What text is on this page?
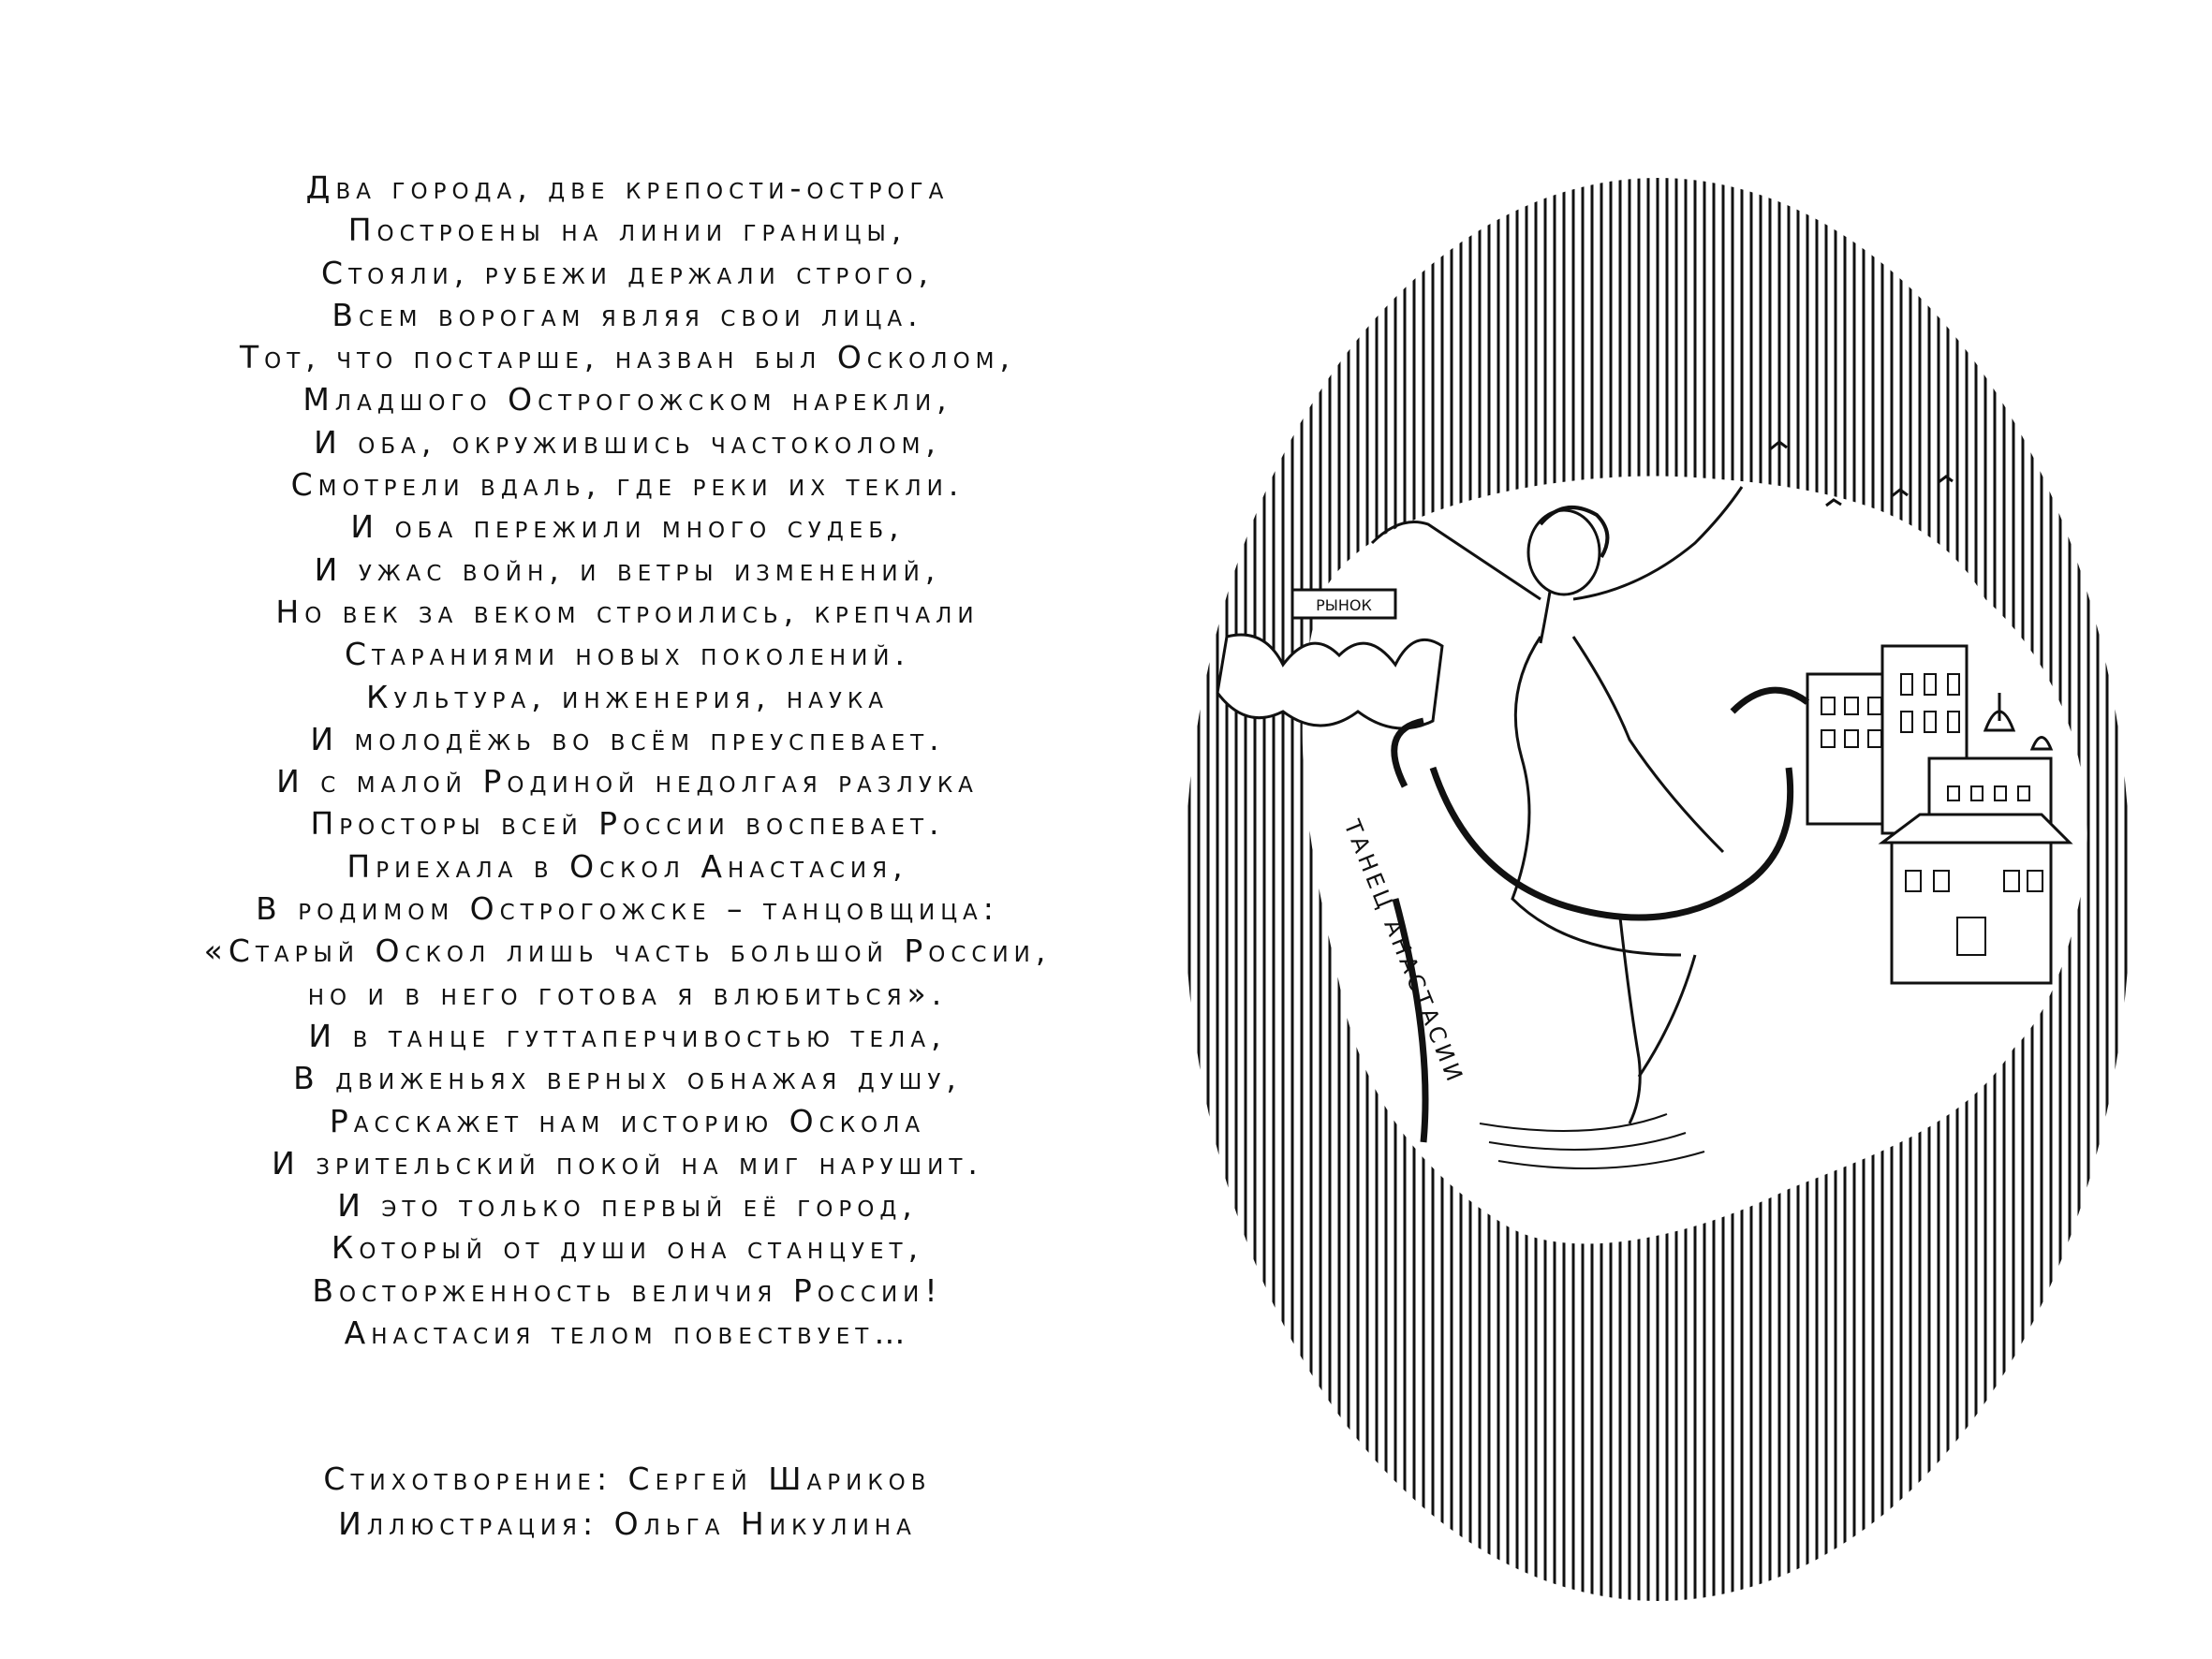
Два города, две крепости-острога
Построены на линии границы,
Стояли, рубежи держали строго,
Всем ворогам являя свои лица.
Тот, что постарше, назван был Осколом,
Младшого Острогожском нарекли,
И оба, окружившись частоколом,
Смотрели вдаль, где реки их текли.
И оба пережили много судеб,
И ужас войн, и ветры изменений,
Но век за веком строились, крепчали
Стараниями новых поколений.
Культура, инженерия, наука
И молодёжь во всём преуспевает.
И с малой Родиной недолгая разлука
Просторы всей России воспевает.
Приехала в Оскол Анастасия,
В родимом Острогожске – танцовщица:
«Старый Оскол лишь часть большой России,
но и в него готова я влюбиться».
И в танце гуттаперчивостью тела,
В движеньях верных обнажая душу,
Расскажет нам историю Оскола
И зрительский покой на миг нарушит.
И это только первый её город,
Который от души она станцует,
Восторженность величия России!
Анастасия телом повествует…
Стихотворение: Сергей Шариков
Иллюстрация: Ольга Никулина
РЫНОК
ТАНЕЦ АНАСТАСИИ
